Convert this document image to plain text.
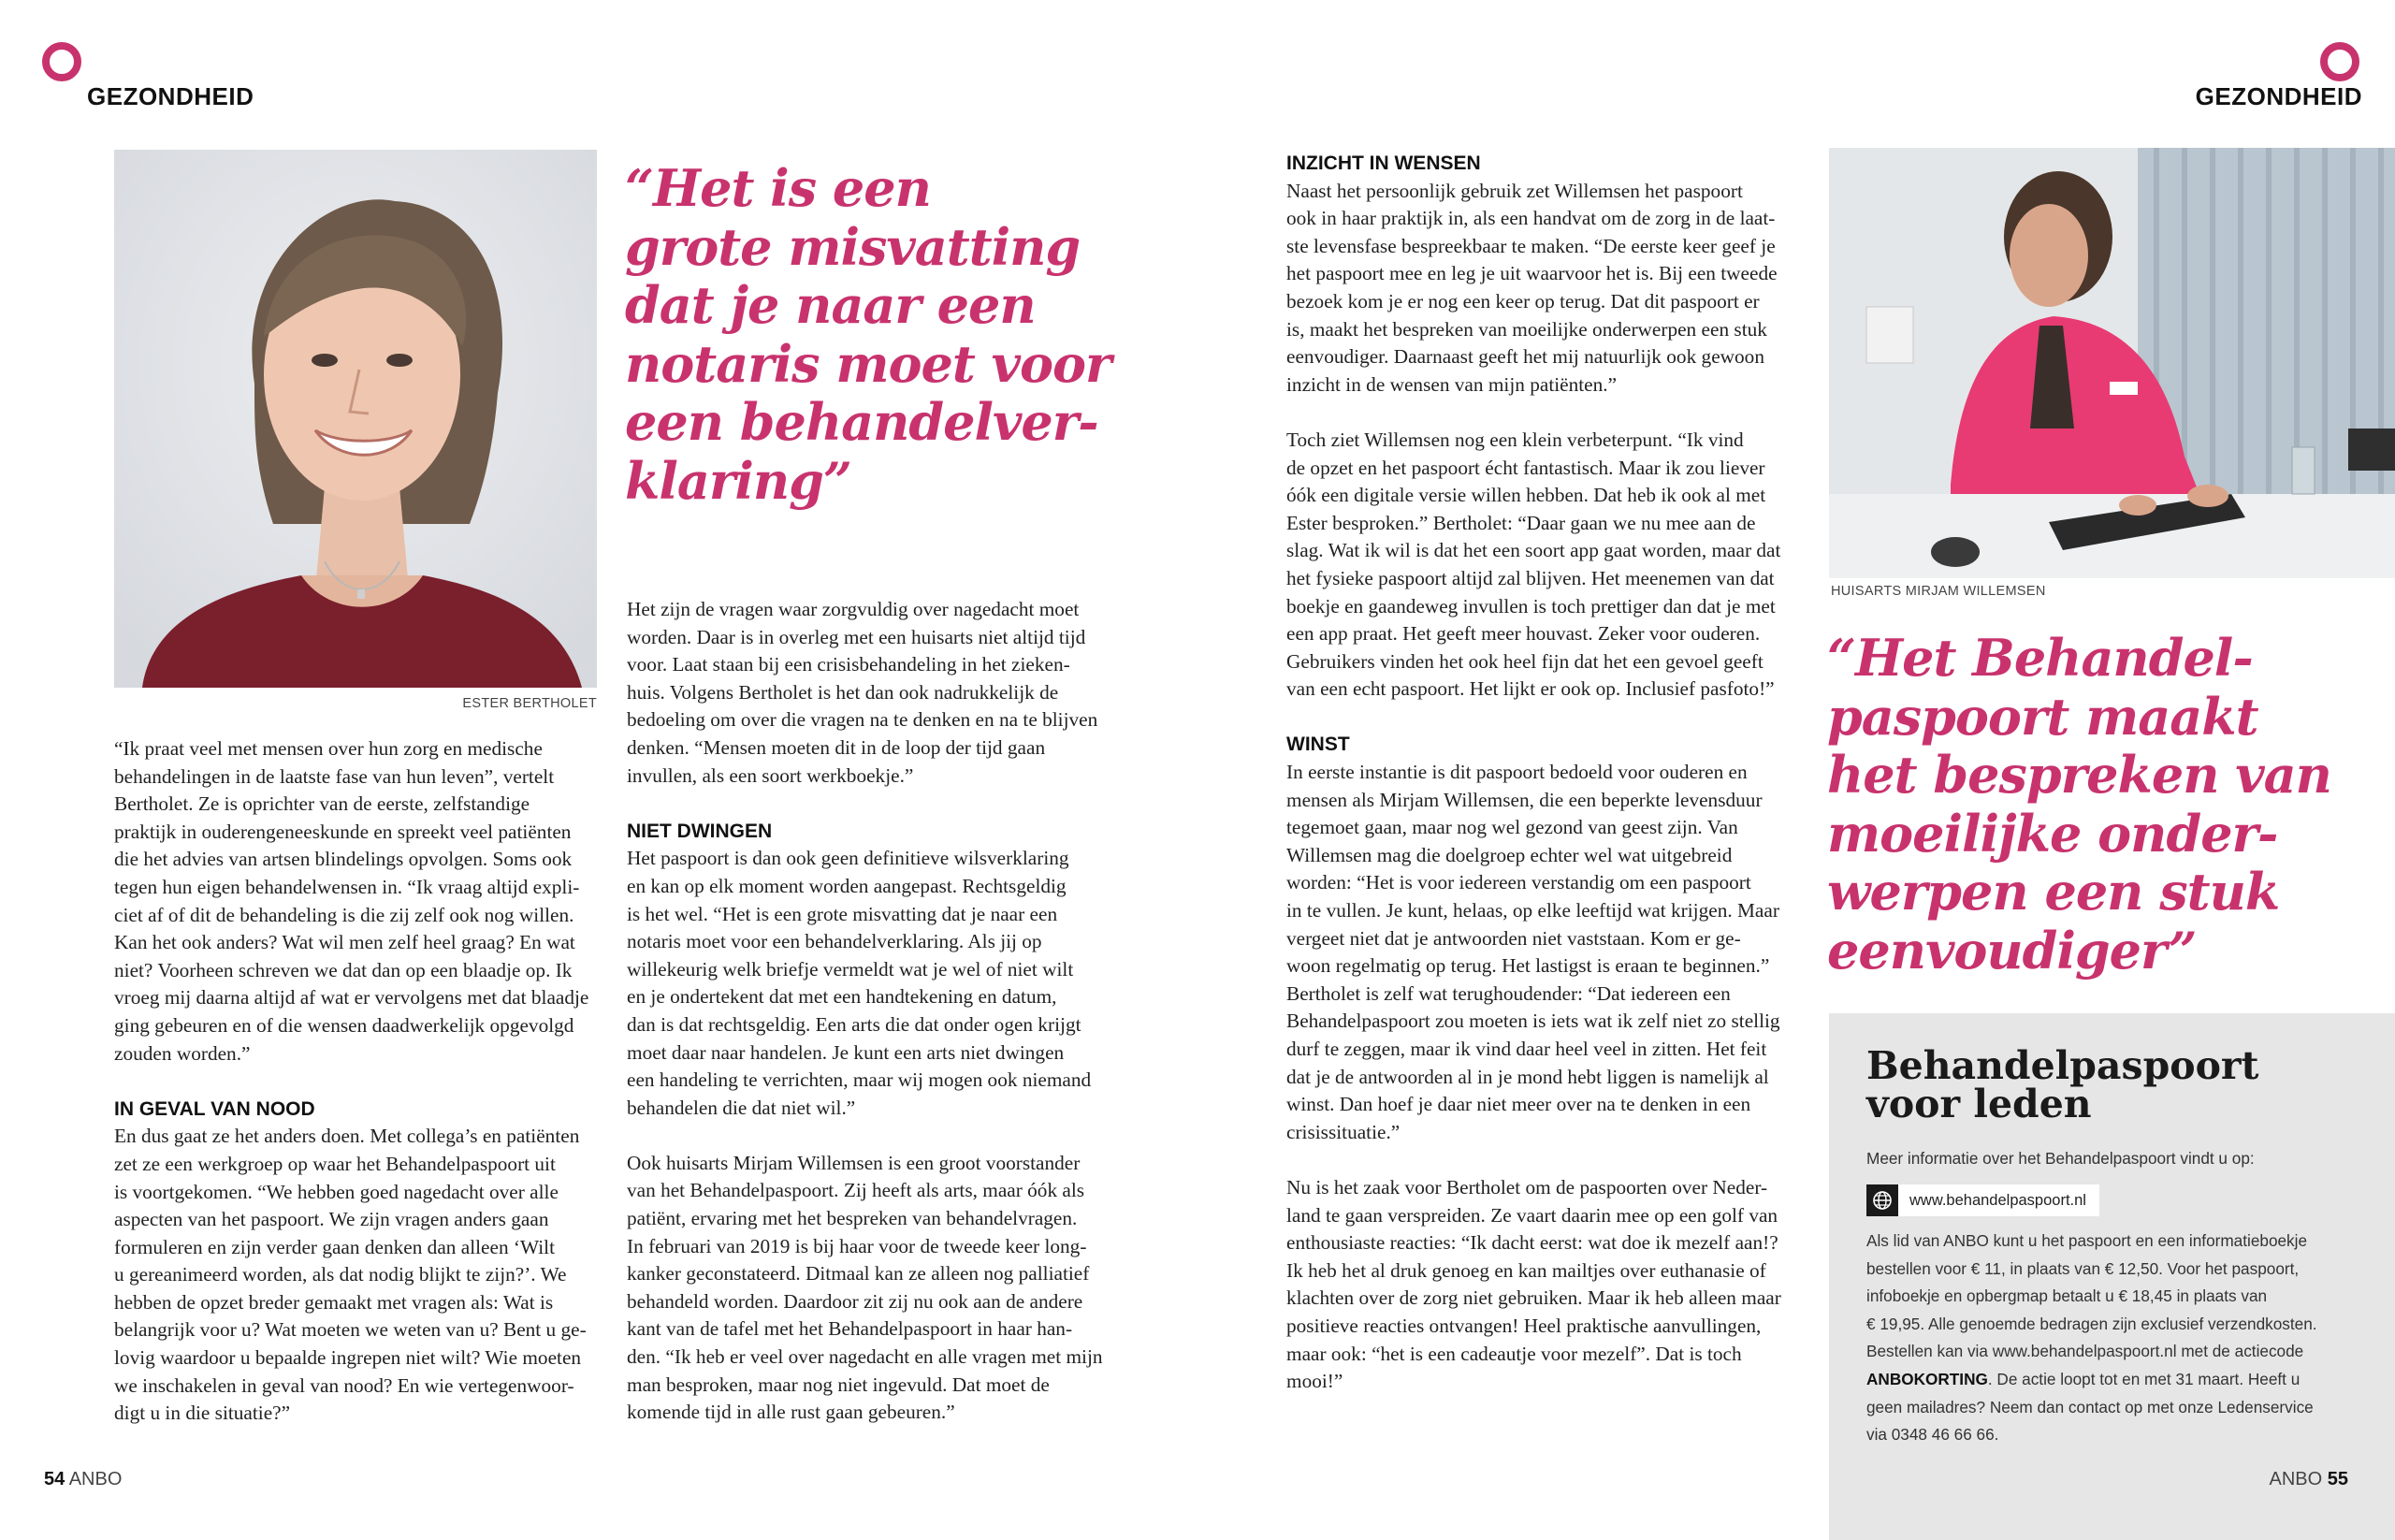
GEZONDHEID
ESTER BERTHOLET

“Het is een
grote misvatting
dat je naar een
notaris moet voor
een behandelver-
klaring”

“Ik praat veel met mensen over hun zorg en medische
behandelingen in de laatste fase van hun leven”, vertelt
Bertholet. Ze is oprichter van de eerste, zelfstandige
praktijk in ouderengeneeskunde en spreekt veel patiënten
die het advies van artsen blindelings opvolgen. Soms ook
tegen hun eigen behandelwensen in. “Ik vraag altijd expli-
ciet af of dit de behandeling is die zij zelf ook nog willen.
Kan het ook anders? Wat wil men zelf heel graag? En wat
niet? Voorheen schreven we dat dan op een blaadje op. Ik
vroeg mij daarna altijd af wat er vervolgens met dat blaadje
ging gebeuren en of die wensen daadwerkelijk opgevolgd
zouden worden.”

IN GEVAL VAN NOOD

En dus gaat ze het anders doen. Met collega’s en patiënten
zet ze een werkgroep op waar het Behandelpaspoort uit
is voortgekomen. “We hebben goed nagedacht over alle
aspecten van het paspoort. We zijn vragen anders gaan
formuleren en zijn verder gaan denken dan alleen ‘Wilt
u gereanimeerd worden, als dat nodig blijkt te zijn?’. We
hebben de opzet breder gemaakt met vragen als: Wat is
belangrijk voor u? Wat moeten we weten van u? Bent u ge-
lovig waardoor u bepaalde ingrepen niet wilt? Wie moeten
we inschakelen in geval van nood? En wie vertegenwoor-
digt u in die situatie?”

Het zijn de vragen waar zorgvuldig over nagedacht moet
worden. Daar is in overleg met een huisarts niet altijd tijd
voor. Laat staan bij een crisisbehandeling in het zieken-
huis. Volgens Bertholet is het dan ook nadrukkelijk de
bedoeling om over die vragen na te denken en na te blijven
denken. “Mensen moeten dit in de loop der tijd gaan
invullen, als een soort werkboekje.”

NIET DWINGEN

Het paspoort is dan ook geen definitieve wilsverklaring
en kan op elk moment worden aangepast. Rechtsgeldig
is het wel. “Het is een grote misvatting dat je naar een
notaris moet voor een behandelverklaring. Als jij op
willekeurig welk briefje vermeldt wat je wel of niet wilt
en je ondertekent dat met een handtekening en datum,
dan is dat rechtsgeldig. Een arts die dat onder ogen krijgt
moet daar naar handelen. Je kunt een arts niet dwingen
een handeling te verrichten, maar wij mogen ook niemand
behandelen die dat niet wil.”

Ook huisarts Mirjam Willemsen is een groot voorstander
van het Behandelpaspoort. Zij heeft als arts, maar óók als
patiënt, ervaring met het bespreken van behandelvragen.
In februari van 2019 is bij haar voor de tweede keer long-
kanker geconstateerd. Ditmaal kan ze alleen nog palliatief
behandeld worden. Daardoor zit zij nu ook aan de andere
kant van de tafel met het Behandelpaspoort in haar han-
den. “Ik heb er veel over nagedacht en alle vragen met mijn
man besproken, maar nog niet ingevuld. Dat moet de
komende tijd in alle rust gaan gebeuren.”

54 ANBO
GEZONDHEID

INZICHT IN WENSEN

Naast het persoonlijk gebruik zet Willemsen het paspoort
ook in haar praktijk in, als een handvat om de zorg in de laat-
ste levensfase bespreekbaar te maken. “De eerste keer geef je
het paspoort mee en leg je uit waarvoor het is. Bij een tweede
bezoek kom je er nog een keer op terug. Dat dit paspoort er
is, maakt het bespreken van moeilijke onderwerpen een stuk
eenvoudiger. Daarnaast geeft het mij natuurlijk ook gewoon
inzicht in de wensen van mijn patiënten.”

Toch ziet Willemsen nog een klein verbeterpunt. “Ik vind
de opzet en het paspoort écht fantastisch. Maar ik zou liever
óók een digitale versie willen hebben. Dat heb ik ook al met
Ester besproken.” Bertholet: “Daar gaan we nu mee aan de
slag. Wat ik wil is dat het een soort app gaat worden, maar dat
het fysieke paspoort altijd zal blijven. Het meenemen van dat
boekje en gaandeweg invullen is toch prettiger dan dat je met
een app praat. Het geeft meer houvast. Zeker voor ouderen.
Gebruikers vinden het ook heel fijn dat het een gevoel geeft
van een echt paspoort. Het lijkt er ook op. Inclusief pasfoto!”

WINST

In eerste instantie is dit paspoort bedoeld voor ouderen en
mensen als Mirjam Willemsen, die een beperkte levensduur
tegemoet gaan, maar nog wel gezond van geest zijn. Van
Willemsen mag die doelgroep echter wel wat uitgebreid
worden: “Het is voor iedereen verstandig om een paspoort
in te vullen. Je kunt, helaas, op elke leeftijd wat krijgen. Maar
vergeet niet dat je antwoorden niet vaststaan. Kom er ge-
woon regelmatig op terug. Het lastigst is eraan te beginnen.”
Bertholet is zelf wat terughoudender: “Dat iedereen een
Behandelpaspoort zou moeten is iets wat ik zelf niet zo stellig
durf te zeggen, maar ik vind daar heel veel in zitten. Het feit
dat je de antwoorden al in je mond hebt liggen is namelijk al
winst. Dan hoef je daar niet meer over na te denken in een
crisissituatie.”

Nu is het zaak voor Bertholet om de paspoorten over Neder-
land te gaan verspreiden. Ze vaart daarin mee op een golf van
enthousiaste reacties: “Ik dacht eerst: wat doe ik mezelf aan!?
Ik heb het al druk genoeg en kan mailtjes over euthanasie of
klachten over de zorg niet gebruiken. Maar ik heb alleen maar
positieve reacties ontvangen! Heel praktische aanvullingen,
maar ook: “het is een cadeautje voor mezelf”. Dat is toch
mooi!”

HUISARTS MIRJAM WILLEMSEN

“Het Behandel-
paspoort maakt
het bespreken van
moeilijke onder-
werpen een stuk
eenvoudiger”

Behandelpaspoort
voor leden

Meer informatie over het Behandelpaspoort vindt u op:

www.behandelpaspoort.nl

Als lid van ANBO kunt u het paspoort en een informatieboekje
bestellen voor € 11, in plaats van € 12,50. Voor het paspoort,
infoboekje en opbergmap betaalt u € 18,45 in plaats van
€ 19,95. Alle genoemde bedragen zijn exclusief verzendkosten.
Bestellen kan via www.behandelpaspoort.nl met de actiecode
ANBOKORTING. De actie loopt tot en met 31 maart. Heeft u
geen mailadres? Neem dan contact op met onze Ledenservice
via 0348 46 66 66.

ANBO 55
